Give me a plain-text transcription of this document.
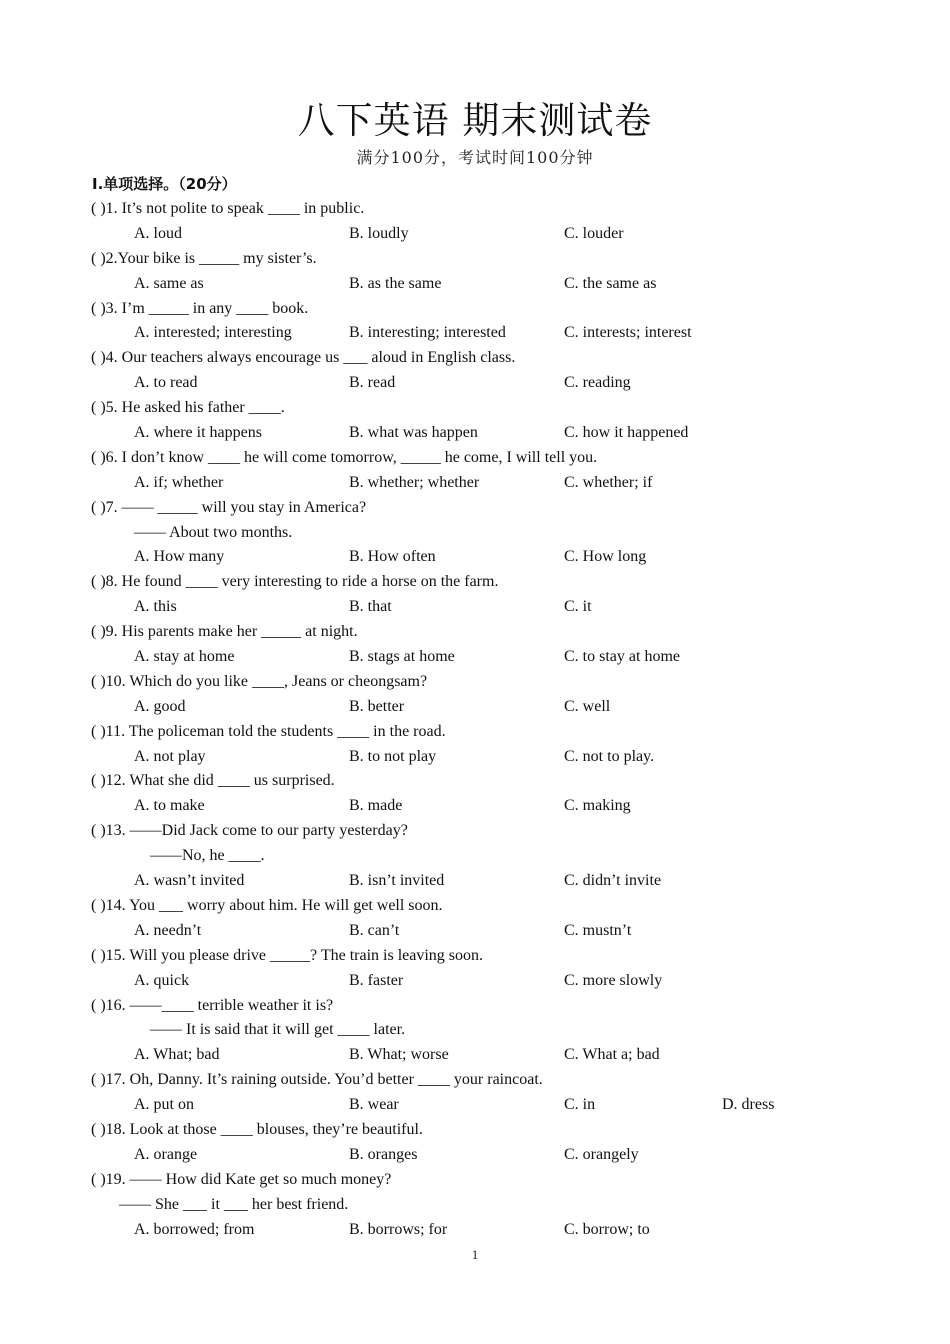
八下英语 期末测试卷
满分100分，考试时间100分钟
Ⅰ.单项选择。（20分）
( )1. It’s not polite to speak ____ in public.
A. loud	B. loudly	C. louder
( )2.Your bike is _____ my sister’s.
A. same as	B. as the same	C. the same as
( )3. I’m _____ in any ____ book.
A. interested; interesting	B. interesting; interested	C. interests; interest
( )4. Our teachers always encourage us ___ aloud in English class.
A. to read	B. read	C. reading
( )5. He asked his father ____.
A. where it happens	B. what was happen	C. how it happened
( )6. I don’t know ____ he will come tomorrow, _____ he come, I will tell you.
A. if; whether	B. whether; whether	C. whether; if
( )7. —— _____ will you stay in America?
—— About two months.
A. How many	B. How often	C. How long
( )8. He found ____ very interesting to ride a horse on the farm.
A. this	B. that	C. it
( )9. His parents make her _____ at night.
A. stay at home	B. stags at home	C. to stay at home
( )10. Which do you like ____, Jeans or cheongsam?
A. good	B. better	C. well
( )11. The policeman told the students ____ in the road.
A. not play	B. to not play	C. not to play.
( )12. What she did ____ us surprised.
A. to make	B. made	C. making
( )13. ——Did Jack come to our party yesterday?
——No, he ____.
A. wasn’t invited	B. isn’t invited	C. didn’t invite
( )14. You ___ worry about him. He will get well soon.
A. needn’t	B. can’t	C. mustn’t
( )15. Will you please drive _____? The train is leaving soon.
A. quick	B. faster	C. more slowly
( )16. ——____ terrible weather it is?
—— It is said that it will get ____ later.
A. What; bad	B. What; worse	C. What a; bad
( )17. Oh, Danny. It’s raining outside. You’d better ____ your raincoat.
A. put on	B. wear	C. in	D. dress
( )18. Look at those ____ blouses, they’re beautiful.
A. orange	B. oranges	C. orangely
( )19. —— How did Kate get so much money?
—— She ___ it ___ her best friend.
A. borrowed; from	B. borrows; for	C. borrow; to
1
